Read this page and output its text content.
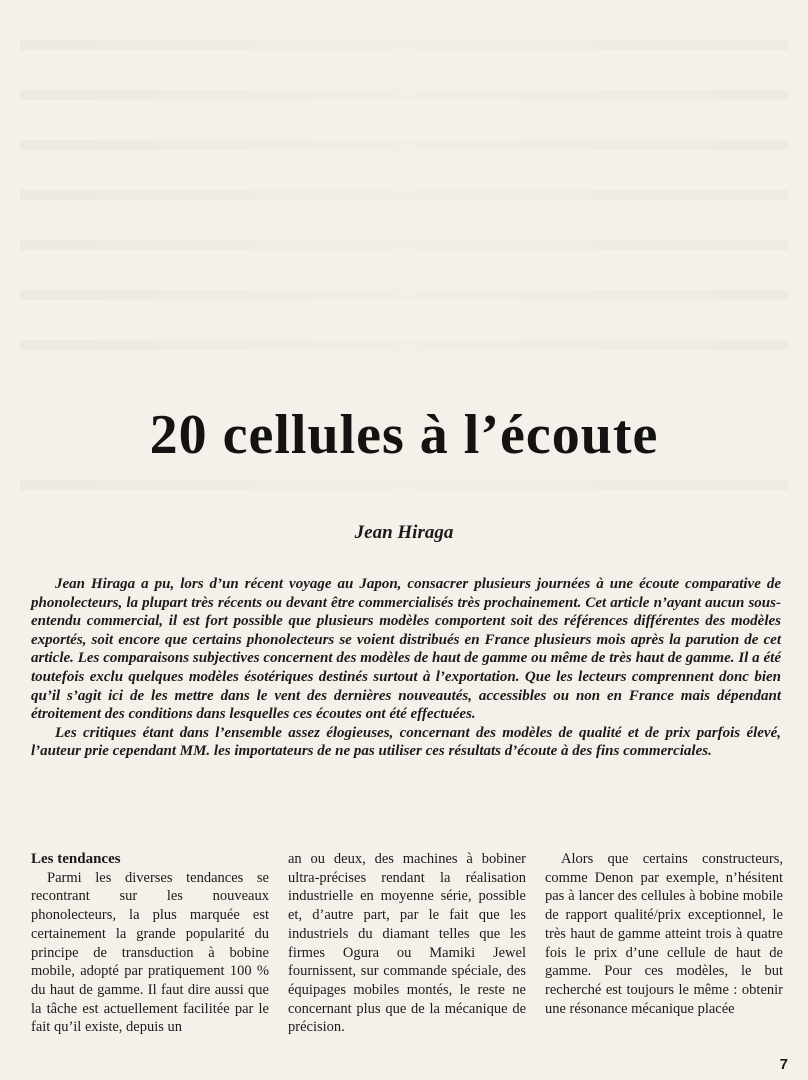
20 cellules à l’écoute
Jean Hiraga

Jean Hiraga a pu, lors d’un récent voyage au Japon, consacrer plusieurs journées à une écoute comparative de phonolecteurs, la plupart très récents ou devant être commercialisés très prochainement. Cet article n’ayant aucun sous-entendu commercial, il est fort possible que plusieurs modèles comportent soit des références différentes des modèles exportés, soit encore que certains phonolecteurs se voient distribués en France plusieurs mois après la parution de cet article. Les comparaisons subjectives concernent des modèles de haut de gamme ou même de très haut de gamme. Il a été toutefois exclu quelques modèles ésotériques destinés surtout à l’exportation. Que les lecteurs comprennent donc bien qu’il s’agit ici de les mettre dans le vent des dernières nouveautés, accessibles ou non en France mais dépendant étroitement des conditions dans lesquelles ces écoutes ont été effectuées.

Les critiques étant dans l’ensemble assez élogieuses, concernant des modèles de qualité et de prix parfois élevé, l’auteur prie cependant MM. les importateurs de ne pas utiliser ces résultats d’écoute à des fins commerciales.

Les tendances

Parmi les diverses tendances se recontrant sur les nouveaux phonolecteurs, la plus marquée est certainement la grande popularité du principe de transduction à bobine mobile, adopté par pratiquement 100 % du haut de gamme. Il faut dire aussi que la tâche est actuellement facilitée par le fait qu’il existe, depuis un

an ou deux, des machines à bobiner ultra-précises rendant la réalisation industrielle en moyenne série, possible et, d’autre part, par le fait que les industriels du diamant telles que les firmes Ogura ou Mamiki Jewel fournissent, sur commande spéciale, des équipages mobiles montés, le reste ne concernant plus que de la mécanique de précision.

Alors que certains constructeurs, comme Denon par exemple, n’hésitent pas à lancer des cellules à bobine mobile de rapport qualité/prix exceptionnel, le très haut de gamme atteint trois à quatre fois le prix d’une cellule de haut de gamme. Pour ces modèles, le but recherché est toujours le même : obtenir une résonance mécanique placée

7
